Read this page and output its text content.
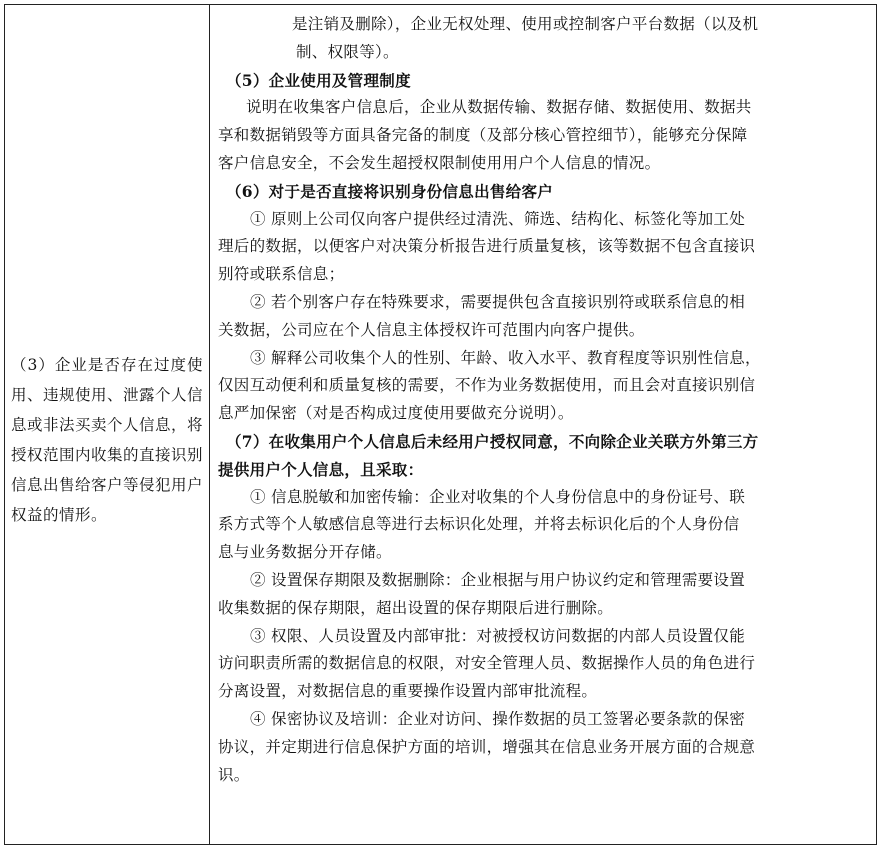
（3）企业是否存在过度使用、违规使用、泄露个人信息或非法买卖个人信息，将授权范围内收集的直接识别信息出售给客户等侵犯用户权益的情形。

是注销及删除），企业无权处理、使用或控制客户平台数据（以及机
制、权限等）。
（5）企业使用及管理制度
说明在收集客户信息后，企业从数据传输、数据存储、数据使用、数据共
享和数据销毁等方面具备完备的制度（及部分核心管控细节），能够充分保障
客户信息安全，不会发生超授权限制使用用户个人信息的情况。
（6）对于是否直接将识别身份信息出售给客户
① 原则上公司仅向客户提供经过清洗、筛选、结构化、标签化等加工处
理后的数据，以便客户对决策分析报告进行质量复核，该等数据不包含直接识
别符或联系信息；
② 若个别客户存在特殊要求，需要提供包含直接识别符或联系信息的相
关数据，公司应在个人信息主体授权许可范围内向客户提供。
③ 解释公司收集个人的性别、年龄、收入水平、教育程度等识别性信息，
仅因互动便利和质量复核的需要，不作为业务数据使用，而且会对直接识别信
息严加保密（对是否构成过度使用要做充分说明）。
（7）在收集用户个人信息后未经用户授权同意，不向除企业关联方外第三方
提供用户个人信息，且采取：
① 信息脱敏和加密传输：企业对收集的个人身份信息中的身份证号、联
系方式等个人敏感信息等进行去标识化处理，并将去标识化后的个人身份信
息与业务数据分开存储。
② 设置保存期限及数据删除：企业根据与用户协议约定和管理需要设置
收集数据的保存期限，超出设置的保存期限后进行删除。
③ 权限、人员设置及内部审批：对被授权访问数据的内部人员设置仅能
访问职责所需的数据信息的权限，对安全管理人员、数据操作人员的角色进行
分离设置，对数据信息的重要操作设置内部审批流程。
④ 保密协议及培训：企业对访问、操作数据的员工签署必要条款的保密
协议，并定期进行信息保护方面的培训，增强其在信息业务开展方面的合规意
识。
